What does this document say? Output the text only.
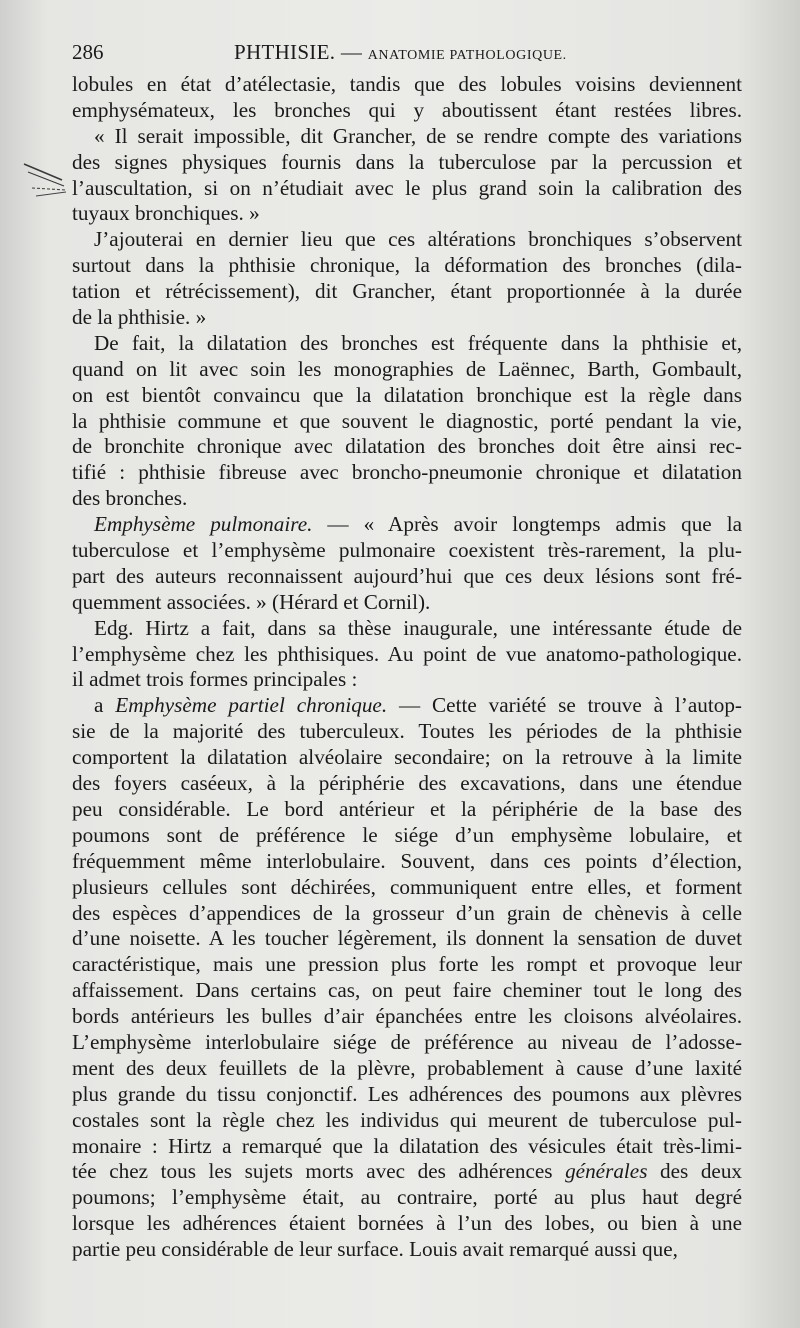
286	PHTHISIE. — ANATOMIE PATHOLOGIQUE.
lobules en état d’atélectasie, tandis que des lobules voisins deviennent
emphysémateux, les bronches qui y aboutissent étant restées libres.
« Il serait impossible, dit Grancher, de se rendre compte des variations
des signes physiques fournis dans la tuberculose par la percussion et
l’auscultation, si on n’étudiait avec le plus grand soin la calibration des
tuyaux bronchiques. »
J’ajouterai en dernier lieu que ces altérations bronchiques s’observent
surtout dans la phthisie chronique, la déformation des bronches (dila-
tation et rétrécissement), dit Grancher, étant proportionnée à la durée
de la phthisie. »
De fait, la dilatation des bronches est fréquente dans la phthisie et,
quand on lit avec soin les monographies de Laënnec, Barth, Gombault,
on est bientôt convaincu que la dilatation bronchique est la règle dans
la phthisie commune et que souvent le diagnostic, porté pendant la vie,
de bronchite chronique avec dilatation des bronches doit être ainsi rec-
tifié : phthisie fibreuse avec broncho-pneumonie chronique et dilatation
des bronches.
Emphysème pulmonaire. — « Après avoir longtemps admis que la
tuberculose et l’emphysème pulmonaire coexistent très-rarement, la plu-
part des auteurs reconnaissent aujourd’hui que ces deux lésions sont fré-
quemment associées. » (Hérard et Cornil).
Edg. Hirtz a fait, dans sa thèse inaugurale, une intéressante étude de
l’emphysème chez les phthisiques. Au point de vue anatomo-pathologique.
il admet trois formes principales :
a Emphysème partiel chronique. — Cette variété se trouve à l’autop-
sie de la majorité des tuberculeux. Toutes les périodes de la phthisie
comportent la dilatation alvéolaire secondaire; on la retrouve à la limite
des foyers caséeux, à la périphérie des excavations, dans une étendue
peu considérable. Le bord antérieur et la périphérie de la base des
poumons sont de préférence le siége d’un emphysème lobulaire, et
fréquemment même interlobulaire. Souvent, dans ces points d’élection,
plusieurs cellules sont déchirées, communiquent entre elles, et forment
des espèces d’appendices de la grosseur d’un grain de chènevis à celle
d’une noisette. A les toucher légèrement, ils donnent la sensation de duvet
caractéristique, mais une pression plus forte les rompt et provoque leur
affaissement. Dans certains cas, on peut faire cheminer tout le long des
bords antérieurs les bulles d’air épanchées entre les cloisons alvéolaires.
L’emphysème interlobulaire siége de préférence au niveau de l’adosse-
ment des deux feuillets de la plèvre, probablement à cause d’une laxité
plus grande du tissu conjonctif. Les adhérences des poumons aux plèvres
costales sont la règle chez les individus qui meurent de tuberculose pul-
monaire : Hirtz a remarqué que la dilatation des vésicules était très-limi-
tée chez tous les sujets morts avec des adhérences générales des deux
poumons; l’emphysème était, au contraire, porté au plus haut degré
lorsque les adhérences étaient bornées à l’un des lobes, ou bien à une
partie peu considérable de leur surface. Louis avait remarqué aussi que,
